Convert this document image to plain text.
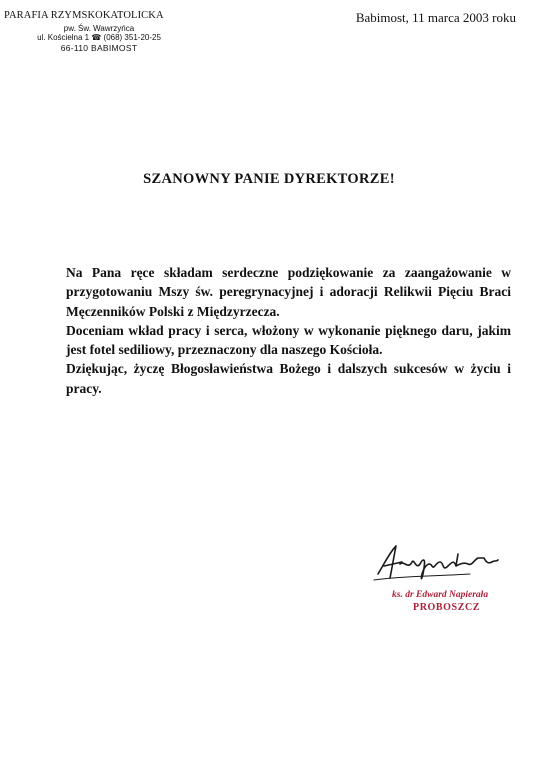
PARAFIA RZYMSKOKATOLICKA
pw. Św. Wawrzyńca
ul. Kościelna 1 ☎ (068) 351-20-25
66-110 BABIMOST
Babimost, 11 marca 2003 roku
SZANOWNY PANIE DYREKTORZE!

Na Pana ręce składam serdeczne podziękowanie za zaangażowanie w przygotowaniu Mszy św. peregrynacyjnej i adoracji Relikwii Pięciu Braci Męczenników Polski z Międzyrzecza.

Doceniam wkład pracy i serca, włożony w wykonanie pięknego daru, jakim jest fotel sediliowy, przeznaczony dla naszego Kościoła.

Dziękując, życzę Błogosławieństwa Bożego i dalszych sukcesów w życiu i pracy.

ks. dr Edward Napierała
PROBOSZCZ
